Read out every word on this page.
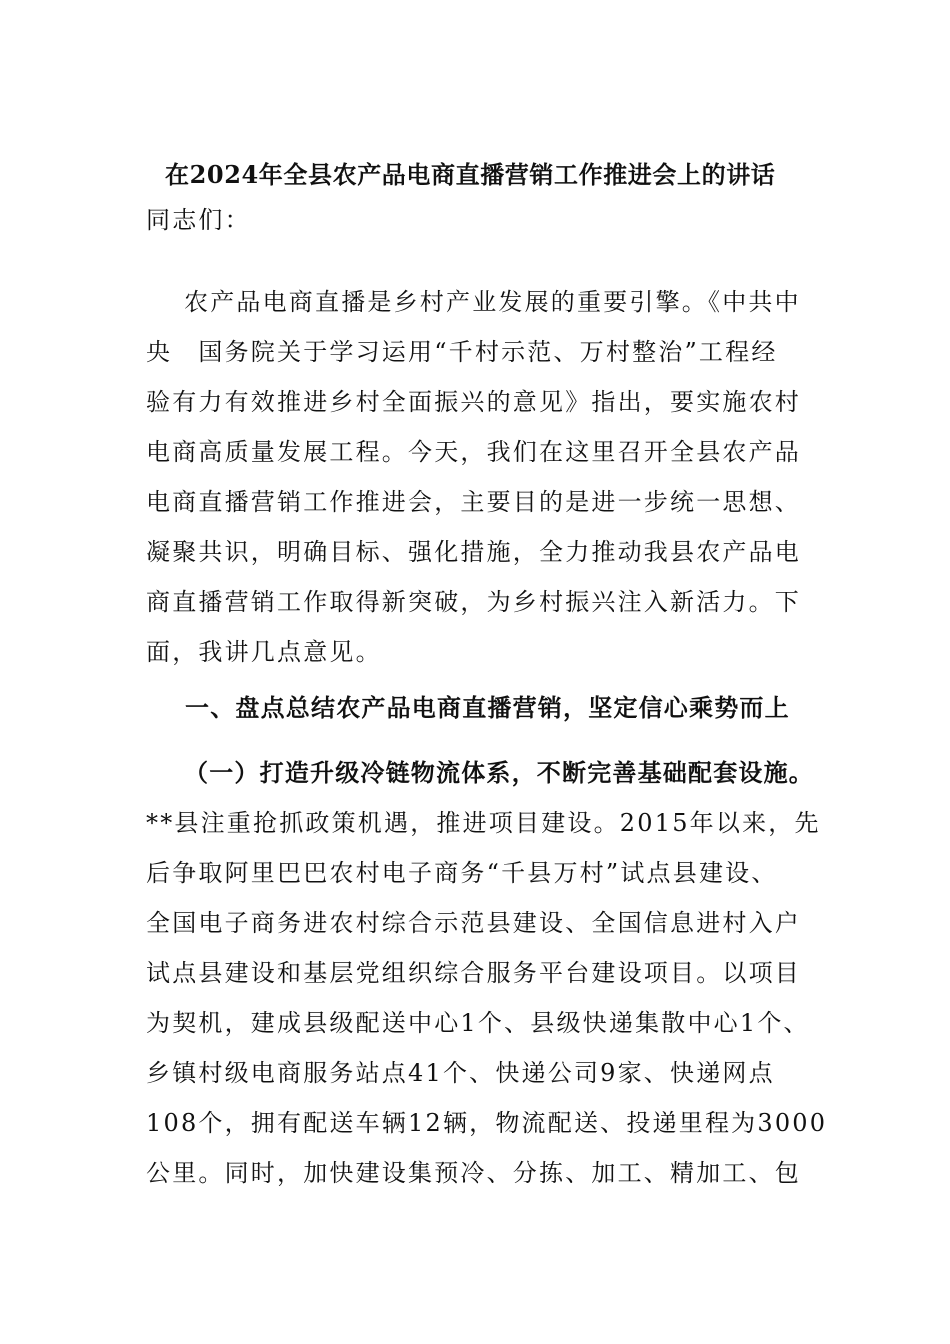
在2024年全县农产品电商直播营销工作推进会上的讲话
同志们：
农产品电商直播是乡村产业发展的重要引擎。《中共中
央　国务院关于学习运用“千村示范、万村整治”工程经
验有力有效推进乡村全面振兴的意见》指出，要实施农村
电商高质量发展工程。今天，我们在这里召开全县农产品
电商直播营销工作推进会，主要目的是进一步统一思想、
凝聚共识，明确目标、强化措施，全力推动我县农产品电
商直播营销工作取得新突破，为乡村振兴注入新活力。下
面，我讲几点意见。
一、盘点总结农产品电商直播营销，坚定信心乘势而上
（一）打造升级冷链物流体系，不断完善基础配套设施。
**县注重抢抓政策机遇，推进项目建设。2015年以来，先
后争取阿里巴巴农村电子商务“千县万村”试点县建设、
全国电子商务进农村综合示范县建设、全国信息进村入户
试点县建设和基层党组织综合服务平台建设项目。以项目
为契机，建成县级配送中心1个、县级快递集散中心1个、
乡镇村级电商服务站点41个、快递公司9家、快递网点
108个，拥有配送车辆12辆，物流配送、投递里程为3000
公里。同时，加快建设集预冷、分拣、加工、精加工、包
